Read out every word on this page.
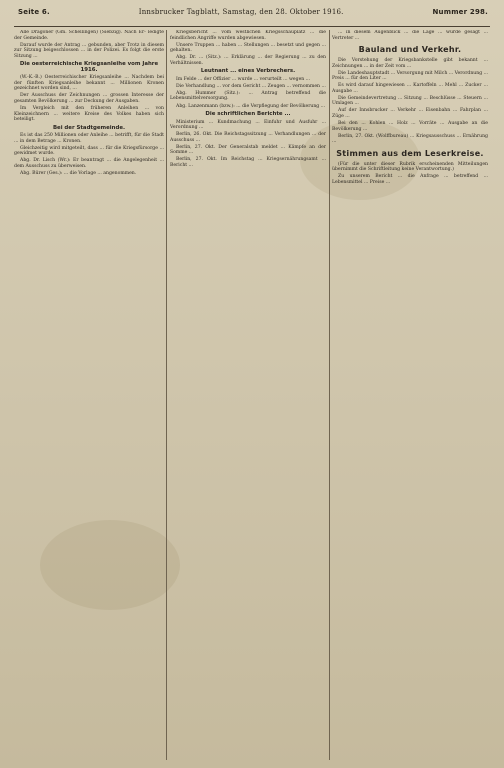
Seite 6.	Innsbrucker Tagblatt, Samstag, den 28. Oktober 1916.	Nummer 298.

Alle Dragoner (Gm. Schellingen) (Siebzig). Nach Er- ledigte der Gemeinde.

Darauf wurde der Antrag ... gebunden, aber Trotz in diesem zur Sitzung beigeschlossen ... in der Polizei. Es folgt die erste Sitzung ...

Die oesterreichische Kriegsanleihe vom Jahre 1916.

(W.-K.-B.) Oesterreichischer Kriegsanleihe ... Nachdem bei der fünften Kriegsanleihe bekannt ... Millionen Kronen gezeichnet worden sind, ...

Der Ausschuss der Zeichnungen ... grossen Interesse der gesamten Bevölkerung ... zur Deckung der Ausgaben.

Im Vergleich mit den früheren Anleihen ... von Kleinzeichnern ... weitere Kreise des Volkes haben sich beteiligt.

Bei der Stadtgemeinde.

Es ist das 250 Millionen oder Anleihe ... betrifft, für die Stadt ... in dem Betrage ... Kronen.

Gleichzeitig wird mitgeteilt, dass ... für die Kriegsfürsorge ... gewidmet wurde.

Abg. Dr. Lisch (Wr.): Er beantragt ... die Angelegenheit ... dem Ausschuss zu überweisen.

Abg. Bürer (Ges.): ... die Vorlage ... angenommen.

Kriegsbericht ... vom westlichen Kriegsschauplatz ... die feindlichen Angriffe wurden abgewiesen.

Unsere Truppen ... haben ... Stellungen ... besetzt und gegen ... gehalten.

Abg. Dr. ... (Sitz.): ... Erklärung ... der Regierung ... zu den Verhältnissen.

Leutnant ... eines Verbrechers.

Im Felde ... der Offizier ... wurde ... verurteilt ... wegen ...

Die Verhandlung ... vor dem Gericht ... Zeugen ... vernommen ...

Abg. Hummer (Sitz.): ... Antrag betreffend die Lebensmittelversorgung.

Abg. Lanzenmann (bzw.): ... die Verpflegung der Bevölkerung ...

Die schriftlichen Berichte ...

Ministerium ... Kundmachung ... Einfuhr und Ausfuhr ... Verordnung ...

Berlin, 26. Okt. Die Reichstagssitzung ... Verhandlungen ... der Ausschuss ...

Berlin, 27. Okt. Der Generalstab meldet ... Kämpfe an der Somme ...

Berlin, 27. Okt. Im Reichstag ... Kriegsernährungsamt ... Bericht ...

... in diesem Augenblick ... die Lage ... wurde gesagt ... Vertreter ...

Bauland und Verkehr.

Die Vorstehung der Kriegsbankstelle gibt bekannt ... Zeichnungen ... in der Zeit vom ...

Die Landeshauptstadt ... Versorgung mit Milch ... Verordnung ... Preis ... für den Liter ...

Es wird darauf hingewiesen ... Kartoffeln ... Mehl ... Zucker ... Ausgabe ...

Die Gemeindevertretung ... Sitzung ... Beschlüsse ... Steuern ... Umlagen ...

Auf der Innsbrucker ... Verkehr ... Eisenbahn ... Fahrplan ... Züge ...

Bei den ... Kohlen ... Holz ... Vorräte ... Ausgabe an die Bevölkerung ...

Berlin, 27. Okt. (Wolffbureau) ... Kriegsausschuss ... Ernährung ...

Stimmen aus dem Leserkreise.

(Für die unter dieser Rubrik erscheinenden Mitteilungen übernimmt die Schriftleitung keine Verantwortung.)

Zu unserem Bericht ... die Anfrage ... betreffend ... Lebensmittel ... Preise ...
